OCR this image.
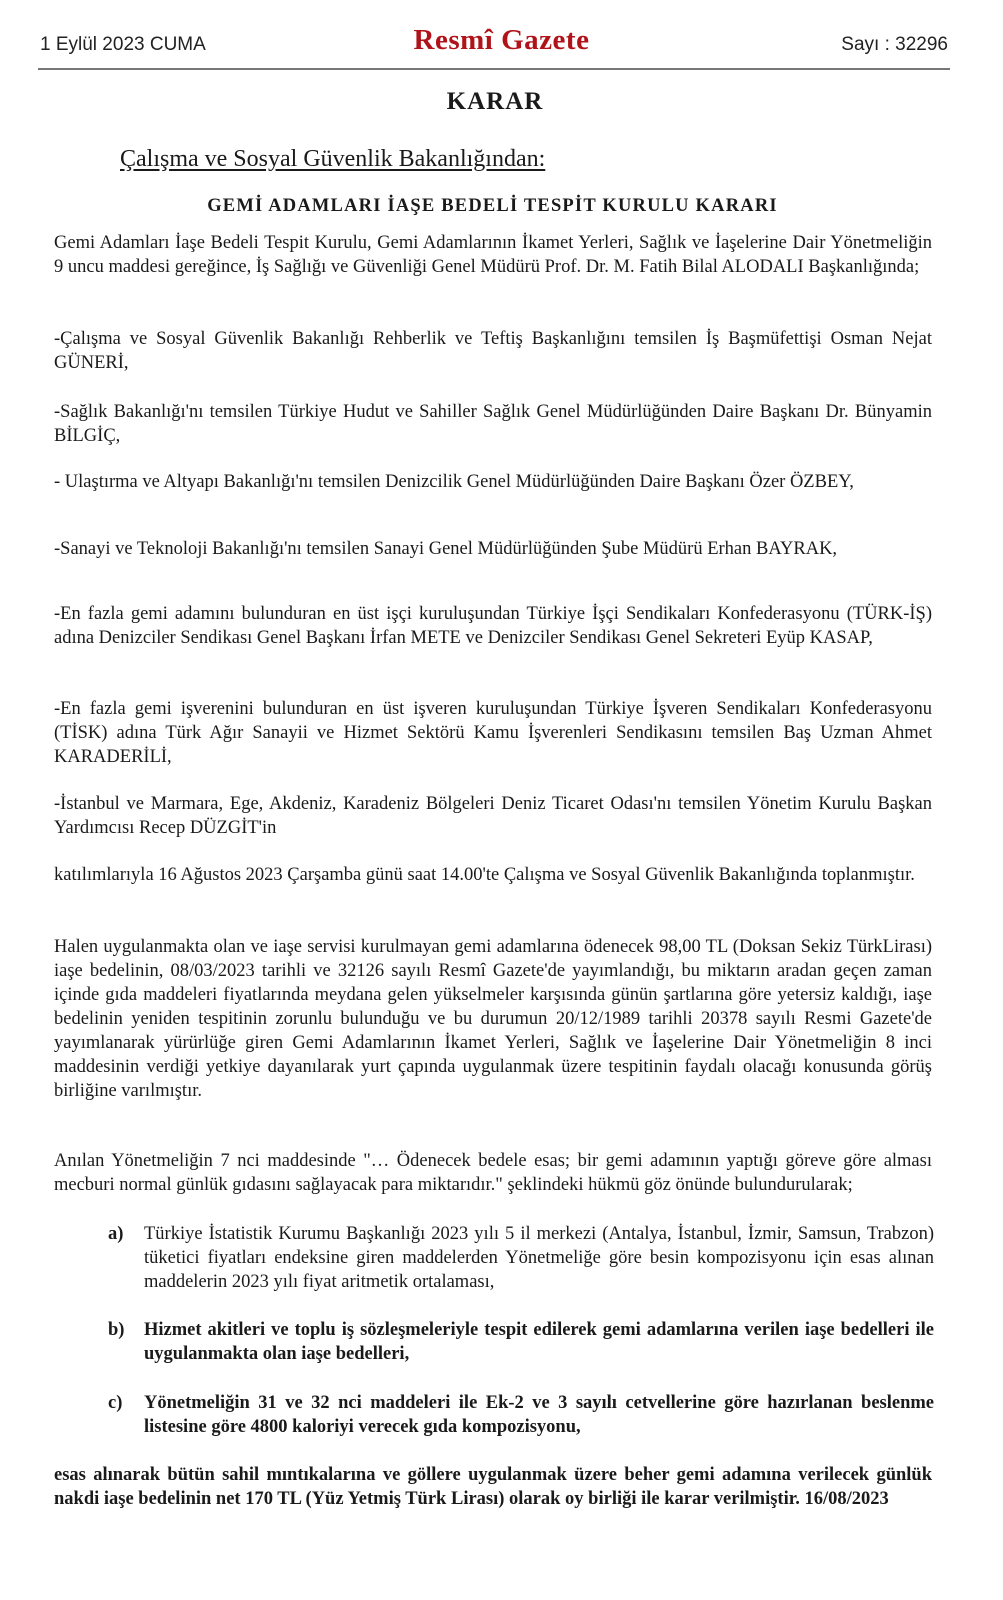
1 Eylül 2023 CUMA	Resmî Gazete	Sayı : 32296
KARAR
Çalışma ve Sosyal Güvenlik Bakanlığından:
GEMİ ADAMLARI İAŞE BEDELİ TESPİT KURULU KARARI
Gemi Adamları İaşe Bedeli Tespit Kurulu, Gemi Adamlarının İkamet Yerleri, Sağlık ve İaşelerine Dair Yönetmeliğin 9 uncu maddesi gereğince, İş Sağlığı ve Güvenliği Genel Müdürü Prof. Dr. M. Fatih Bilal ALODALI Başkanlığında;
-Çalışma ve Sosyal Güvenlik Bakanlığı Rehberlik ve Teftiş Başkanlığını temsilen İş Başmüfettişi Osman Nejat GÜNERİ,
-Sağlık Bakanlığı'nı temsilen Türkiye Hudut ve Sahiller Sağlık Genel Müdürlüğünden Daire Başkanı Dr. Bünyamin BİLGİÇ,
- Ulaştırma ve Altyapı Bakanlığı'nı temsilen Denizcilik Genel Müdürlüğünden Daire Başkanı Özer ÖZBEY,
-Sanayi ve Teknoloji Bakanlığı'nı temsilen Sanayi Genel Müdürlüğünden Şube Müdürü Erhan BAYRAK,
-En fazla gemi adamını bulunduran en üst işçi kuruluşundan Türkiye İşçi Sendikaları Konfederasyonu (TÜRK-İŞ) adına Denizciler Sendikası Genel Başkanı İrfan METE ve Denizciler Sendikası Genel Sekreteri Eyüp KASAP,
-En fazla gemi işverenini bulunduran en üst işveren kuruluşundan Türkiye İşveren Sendikaları Konfederasyonu (TİSK) adına Türk Ağır Sanayii ve Hizmet Sektörü Kamu İşverenleri Sendikasını temsilen Baş Uzman Ahmet KARADERİLİ,
-İstanbul ve Marmara, Ege, Akdeniz, Karadeniz Bölgeleri Deniz Ticaret Odası'nı temsilen Yönetim Kurulu Başkan Yardımcısı Recep DÜZGİT'in
katılımlarıyla 16 Ağustos 2023 Çarşamba günü saat 14.00'te Çalışma ve Sosyal Güvenlik Bakanlığında toplanmıştır.
Halen uygulanmakta olan ve iaşe servisi kurulmayan gemi adamlarına ödenecek 98,00 TL (Doksan Sekiz TürkLirası) iaşe bedelinin, 08/03/2023 tarihli ve 32126 sayılı Resmî Gazete'de yayımlandığı, bu miktarın aradan geçen zaman içinde gıda maddeleri fiyatlarında meydana gelen yükselmeler karşısında günün şartlarına göre yetersiz kaldığı, iaşe bedelinin yeniden tespitinin zorunlu bulunduğu ve bu durumun 20/12/1989 tarihli 20378 sayılı Resmi Gazete'de yayımlanarak yürürlüğe giren Gemi Adamlarının İkamet Yerleri, Sağlık ve İaşelerine Dair Yönetmeliğin 8 inci maddesinin verdiği yetkiye dayanılarak yurt çapında uygulanmak üzere tespitinin faydalı olacağı konusunda görüş birliğine varılmıştır.
Anılan Yönetmeliğin 7 nci maddesinde "… Ödenecek bedele esas; bir gemi adamının yaptığı göreve göre alması mecburi normal günlük gıdasını sağlayacak para miktarıdır." şeklindeki hükmü göz önünde bulundurularak;
a)	Türkiye İstatistik Kurumu Başkanlığı 2023 yılı 5 il merkezi (Antalya, İstanbul, İzmir, Samsun, Trabzon) tüketici fiyatları endeksine giren maddelerden Yönetmeliğe göre besin kompozisyonu için esas alınan maddelerin 2023 yılı fiyat aritmetik ortalaması,
b)	Hizmet akitleri ve toplu iş sözleşmeleriyle tespit edilerek gemi adamlarına verilen iaşe bedelleri ile uygulanmakta olan iaşe bedelleri,
c)	Yönetmeliğin 31 ve 32 nci maddeleri ile Ek-2 ve 3 sayılı cetvellerine göre hazırlanan beslenme listesine göre 4800 kaloriyi verecek gıda kompozisyonu,
esas alınarak bütün sahil mıntıkalarına ve göllere uygulanmak üzere beher gemi adamına verilecek günlük nakdi iaşe bedelinin net 170 TL (Yüz Yetmiş Türk Lirası) olarak oy birliği ile karar verilmiştir. 16/08/2023
